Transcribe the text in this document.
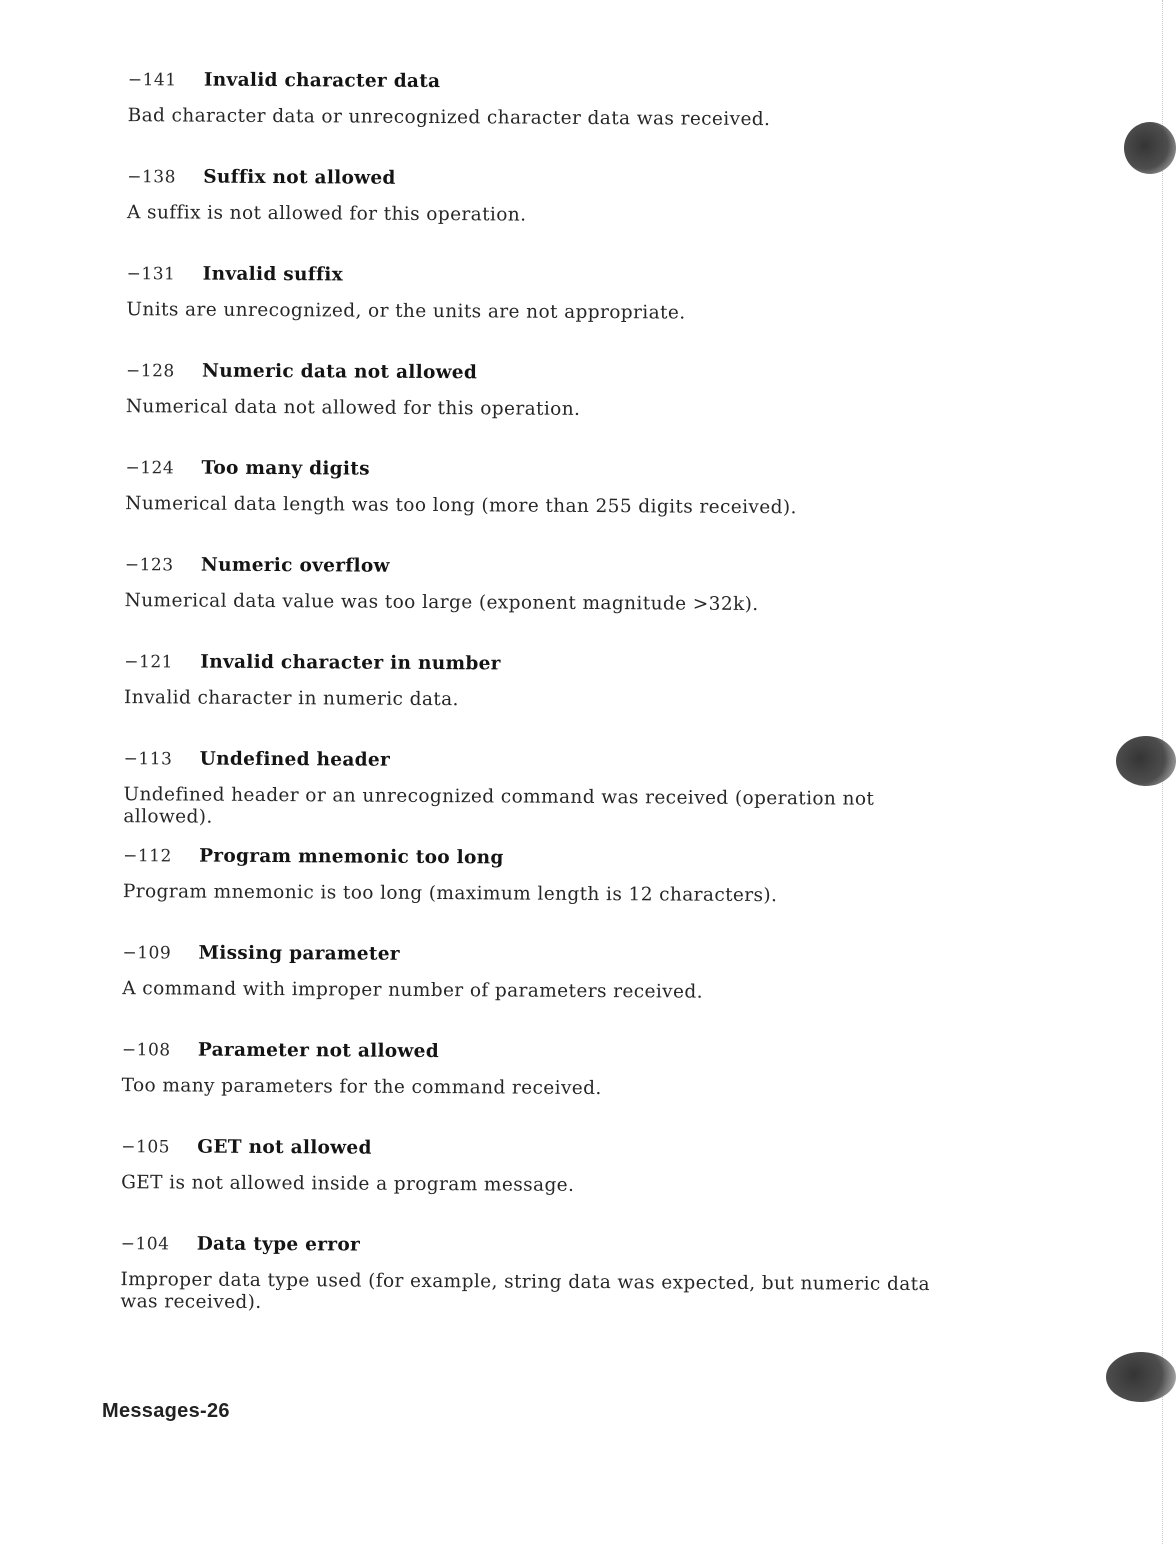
−141	Invalid character data
Bad character data or unrecognized character data was received.
−138	Suffix not allowed
A suffix is not allowed for this operation.
−131	Invalid suffix
Units are unrecognized, or the units are not appropriate.
−128	Numeric data not allowed
Numerical data not allowed for this operation.
−124	Too many digits
Numerical data length was too long (more than 255 digits received).
−123	Numeric overflow
Numerical data value was too large (exponent magnitude >32k).
−121	Invalid character in number
Invalid character in numeric data.
−113	Undefined header
Undefined header or an unrecognized command was received (operation not allowed).
−112	Program mnemonic too long
Program mnemonic is too long (maximum length is 12 characters).
−109	Missing parameter
A command with improper number of parameters received.
−108	Parameter not allowed
Too many parameters for the command received.
−105	GET not allowed
GET is not allowed inside a program message.
−104	Data type error
Improper data type used (for example, string data was expected, but numeric data was received).
Messages-26
